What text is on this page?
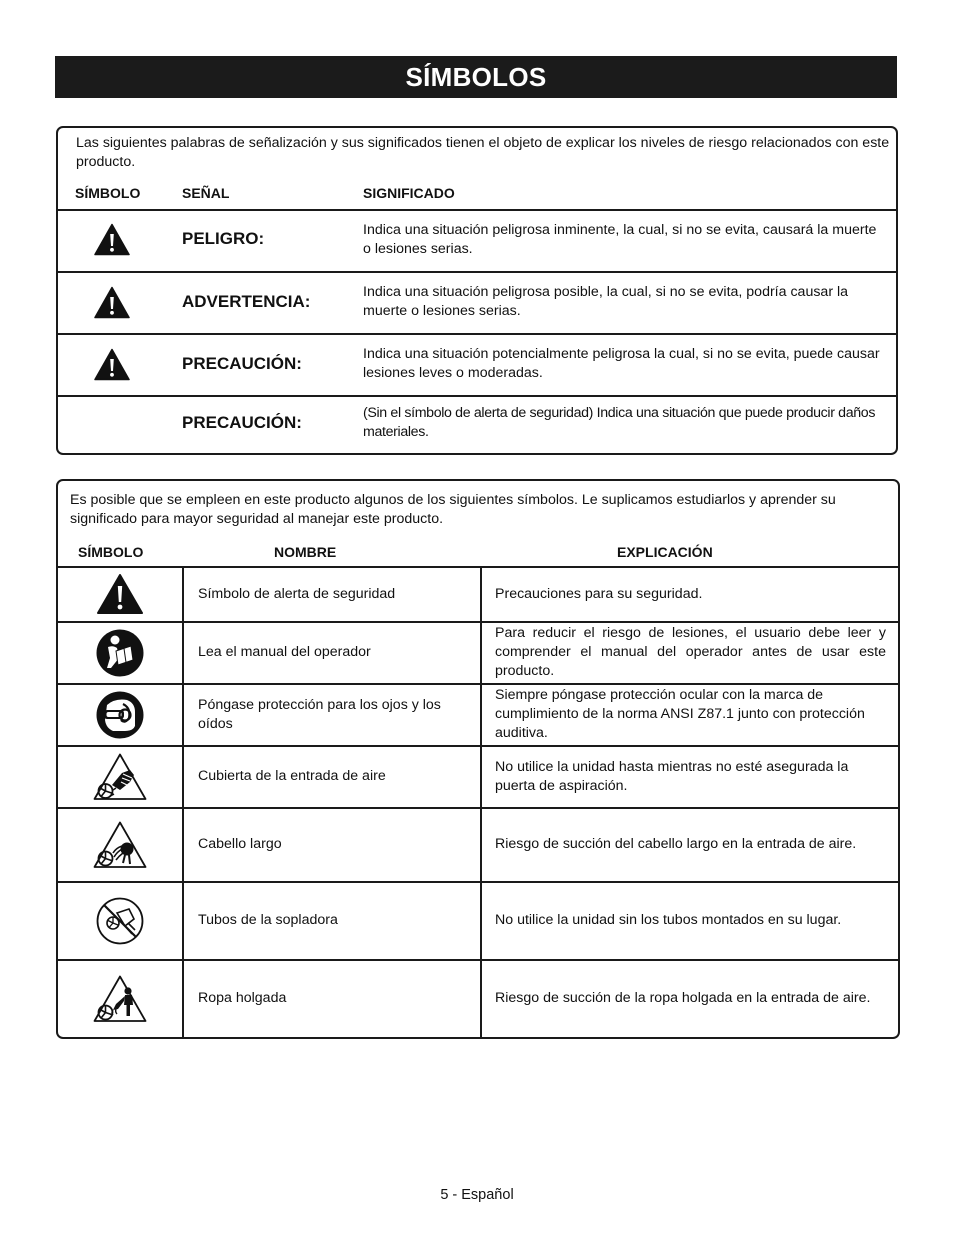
SÍMBOLOS
Las siguientes palabras de señalización y sus significados tienen el objeto de explicar los niveles de riesgo relacionados con este producto.
SÍMBOLO	SEÑAL	SIGNIFICADO
PELIGRO:	Indica una situación peligrosa inminente, la cual, si no se evita, causará la muerte o lesiones serias.
ADVERTENCIA:	Indica una situación peligrosa posible, la cual, si no se evita, podría causar la muerte o lesiones serias.
PRECAUCIÓN:	Indica una situación potencialmente peligrosa la cual, si no se evita, puede causar lesiones leves o moderadas.
PRECAUCIÓN:	(Sin el símbolo de alerta de seguridad) Indica una situación que puede producir daños materiales.
Es posible que se empleen en este producto algunos de los siguientes símbolos. Le suplicamos estudiarlos y aprender su significado para mayor seguridad al manejar este producto.
SÍMBOLO	NOMBRE	EXPLICACIÓN
	Símbolo de alerta de seguridad	Precauciones para su seguridad.

	Lea el manual del operador	Para reducir el riesgo de lesiones, el usuario debe leer y comprender el manual del operador antes de usar este producto.

	Póngase protección para los ojos y los oídos	Siempre póngase protección ocular con la marca de cumplimiento de la norma ANSI Z87.1 junto con protección auditiva.

	Cubierta de la entrada de aire	No utilice la unidad hasta mientras no esté asegurada la puerta de aspiración.

	Cabello largo	Riesgo de succión del cabello largo en la entrada de aire.

	Tubos de la sopladora	No utilice la unidad sin los tubos montados en su lugar.

	Ropa holgada	Riesgo de succión de la ropa holgada en la entrada de aire.
5 - Español
